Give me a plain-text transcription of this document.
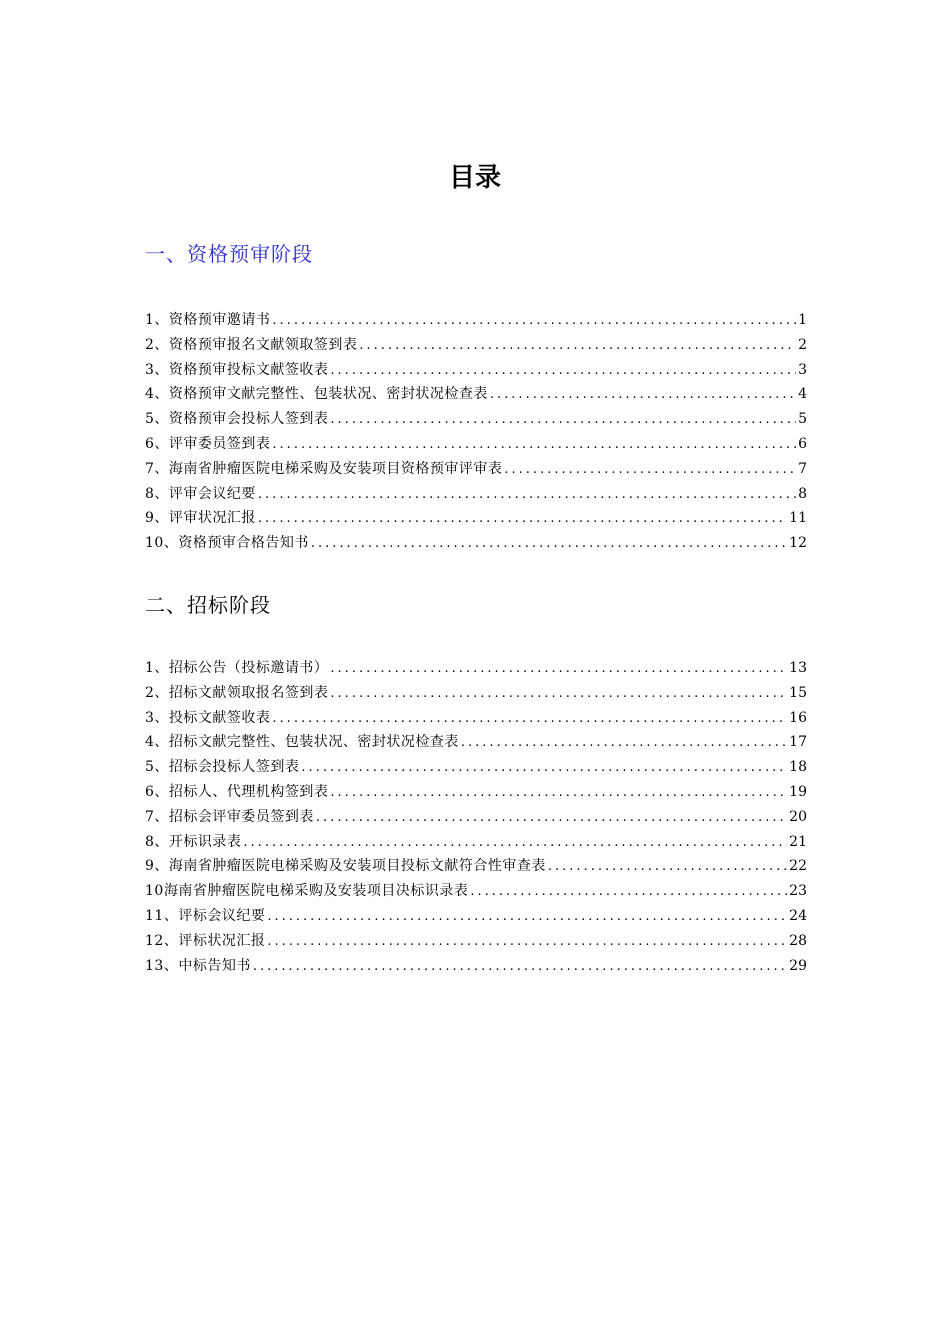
目录
一、资格预审阶段
1、资格预审邀请书 .....	1
2、资格预审报名文献领取签到表 .....	2
3、资格预审投标文献签收表 .....	3
4、资格预审文献完整性、包装状况、密封状况检查表 .....	4
5、资格预审会投标人签到表 .....	5
6、评审委员签到表 .....	6
7、海南省肿瘤医院电梯采购及安装项目资格预审评审表 .....	7
8、评审会议纪要 .....	8
9、评审状况汇报 .....	11
10、资格预审合格告知书 .....	12
二、招标阶段
1、招标公告（投标邀请书） .....	13
2、招标文献领取报名签到表 .....	15
3、投标文献签收表 .....	16
4、招标文献完整性、包装状况、密封状况检查表 .....	17
5、招标会投标人签到表 .....	18
6、招标人、代理机构签到表 .....	19
7、招标会评审委员签到表 .....	20
8、开标识录表 .....	21
9、海南省肿瘤医院电梯采购及安装项目投标文献符合性审查表 .....	22
10海南省肿瘤医院电梯采购及安装项目决标识录表 .....	23
11、评标会议纪要 .....	24
12、评标状况汇报 .....	28
13、中标告知书 .....	29
